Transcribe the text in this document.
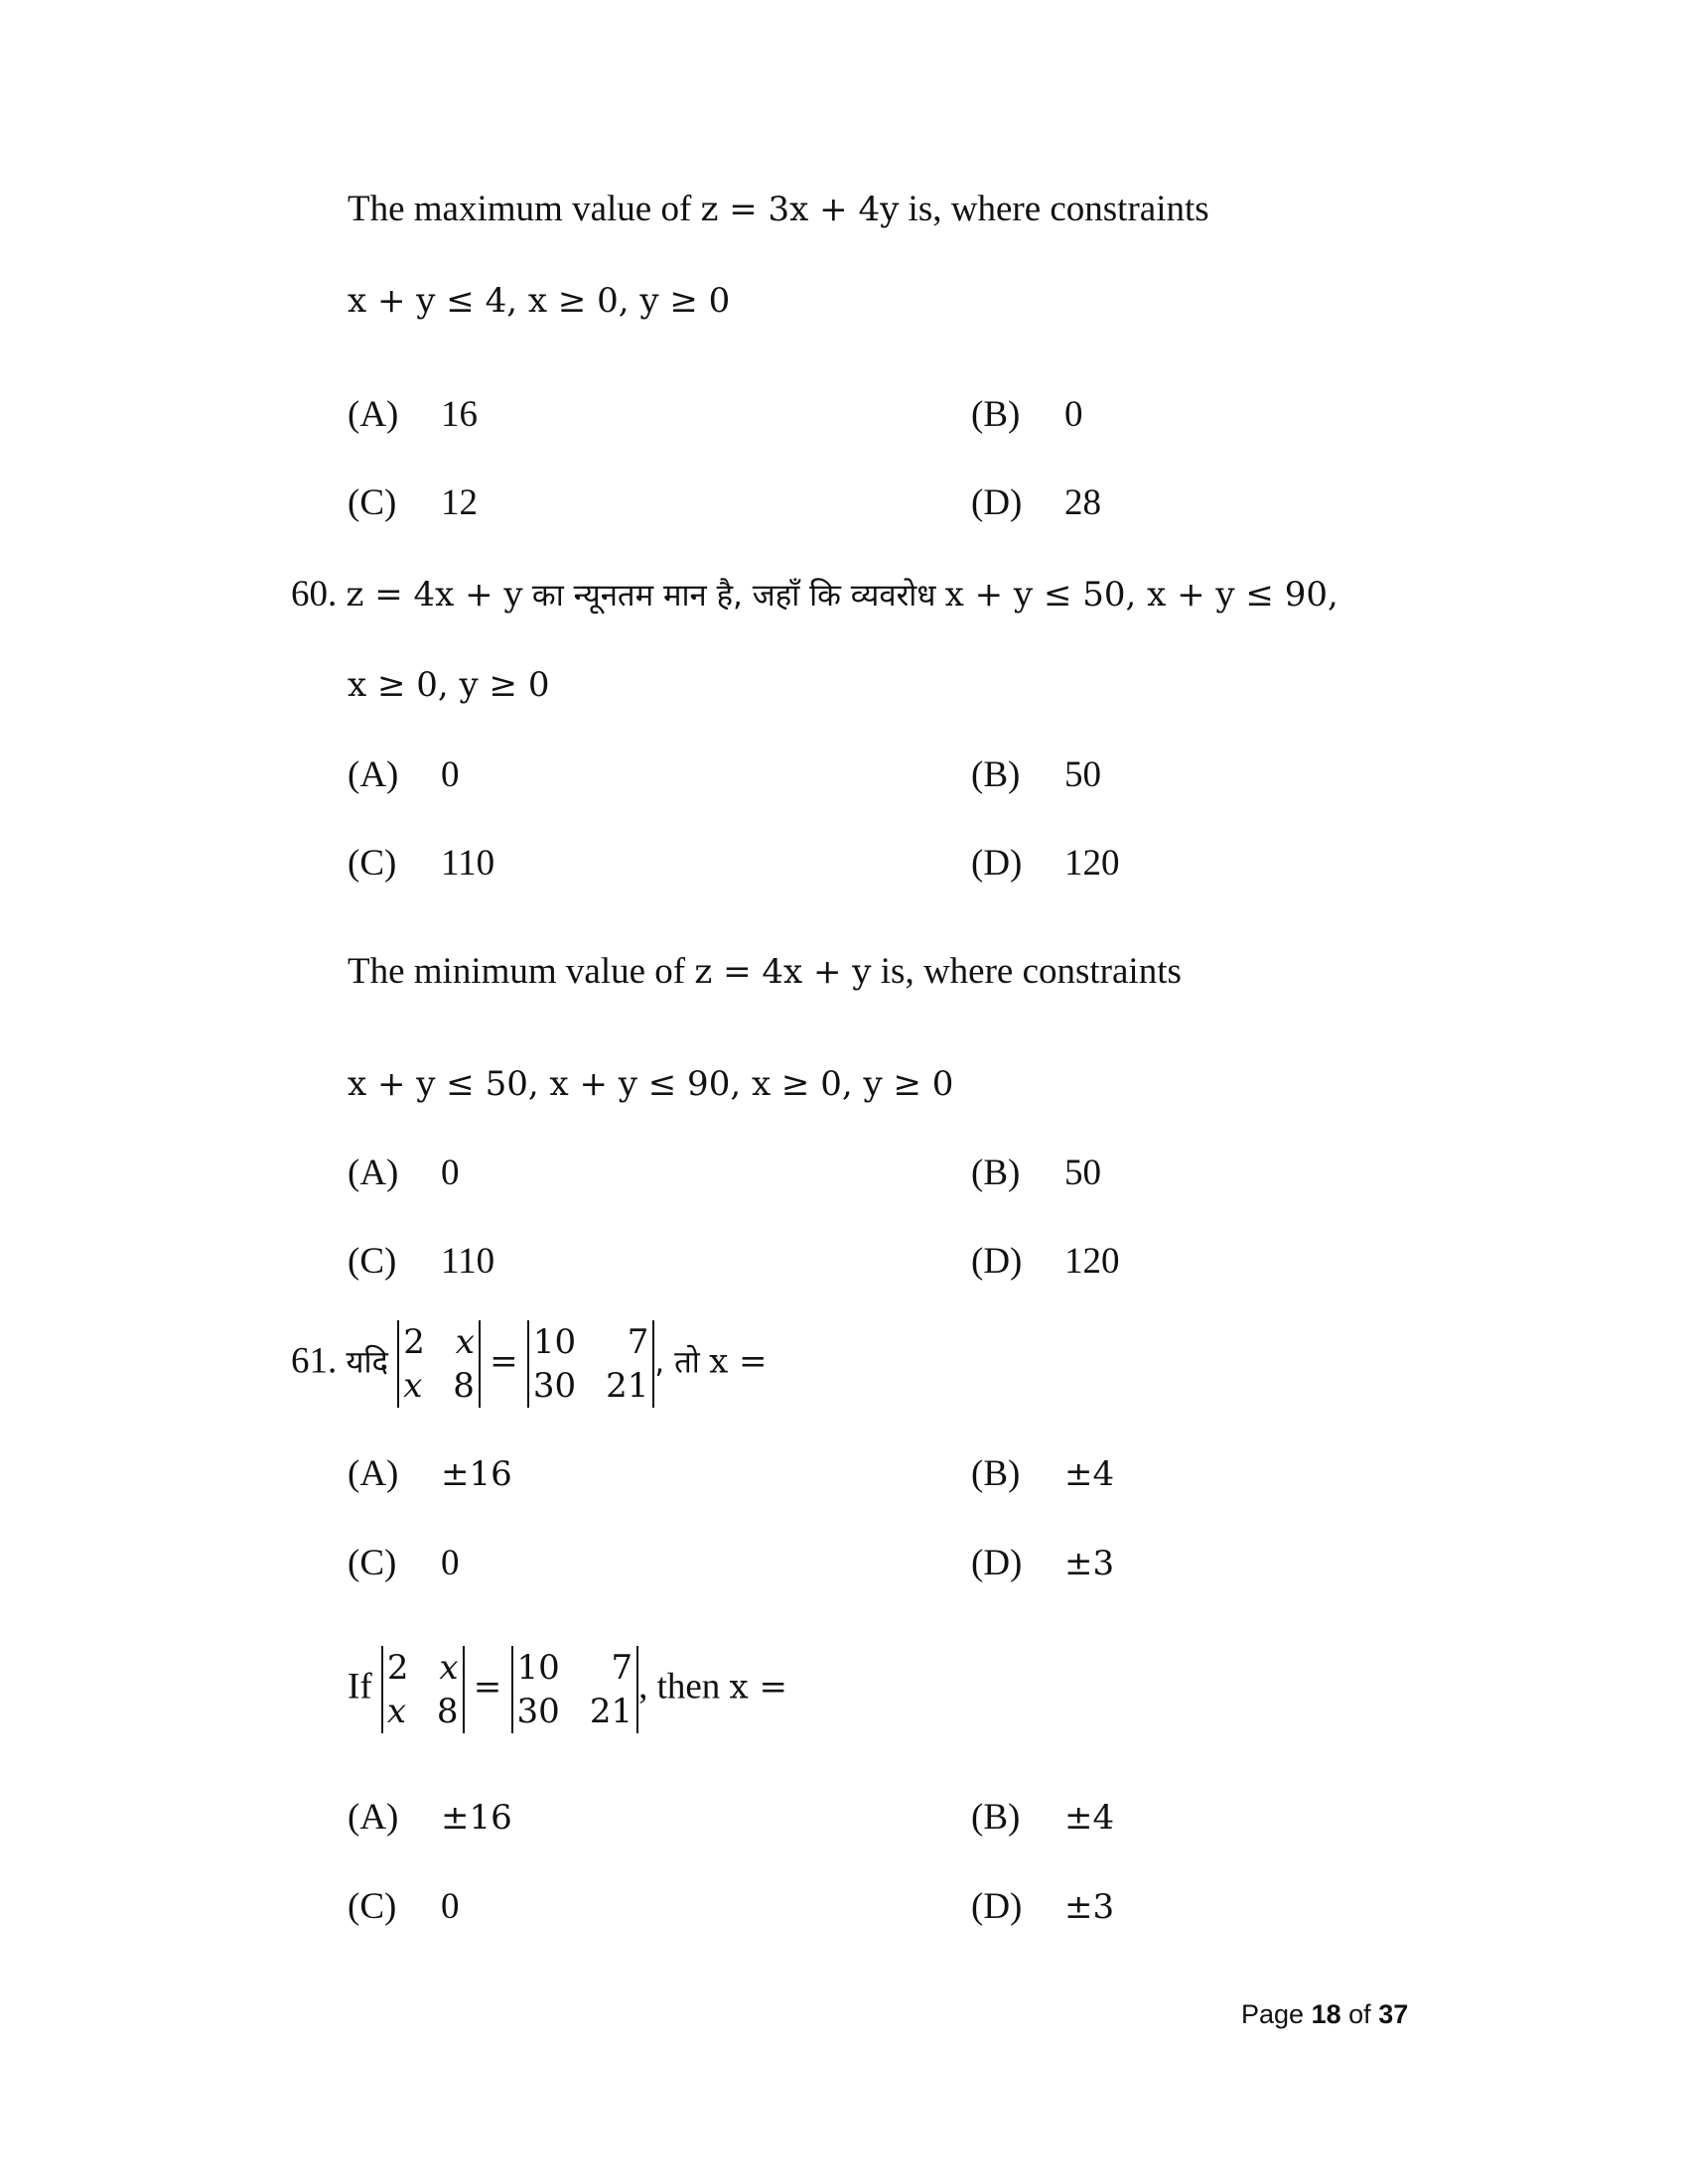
The maximum value of z = 3x + 4y is, where constraints
x + y ≤ 4, x ≥ 0, y ≥ 0
(A) 16	(B) 0
(C) 12	(D) 28
60. z = 4x + y का न्यूनतम मान है, जहाँ कि व्यवरोध x + y ≤ 50, x + y ≤ 90,
x ≥ 0, y ≥ 0
(A) 0	(B) 50
(C) 110	(D) 120
The minimum value of z = 4x + y is, where constraints
x + y ≤ 50, x + y ≤ 90, x ≥ 0, y ≥ 0
(A) 0	(B) 50
(C) 110	(D) 120
61. यदि
2 x
x 8
= 10 7
30 21
, तो x =
(A) ±16	(B) ±4
(C) 0	(D) ±3
If 2 x
x 8
= 10 7
30 21
, then x =
(A) ±16	(B) ±4
(C) 0	(D) ±3
Page 18 of 37
